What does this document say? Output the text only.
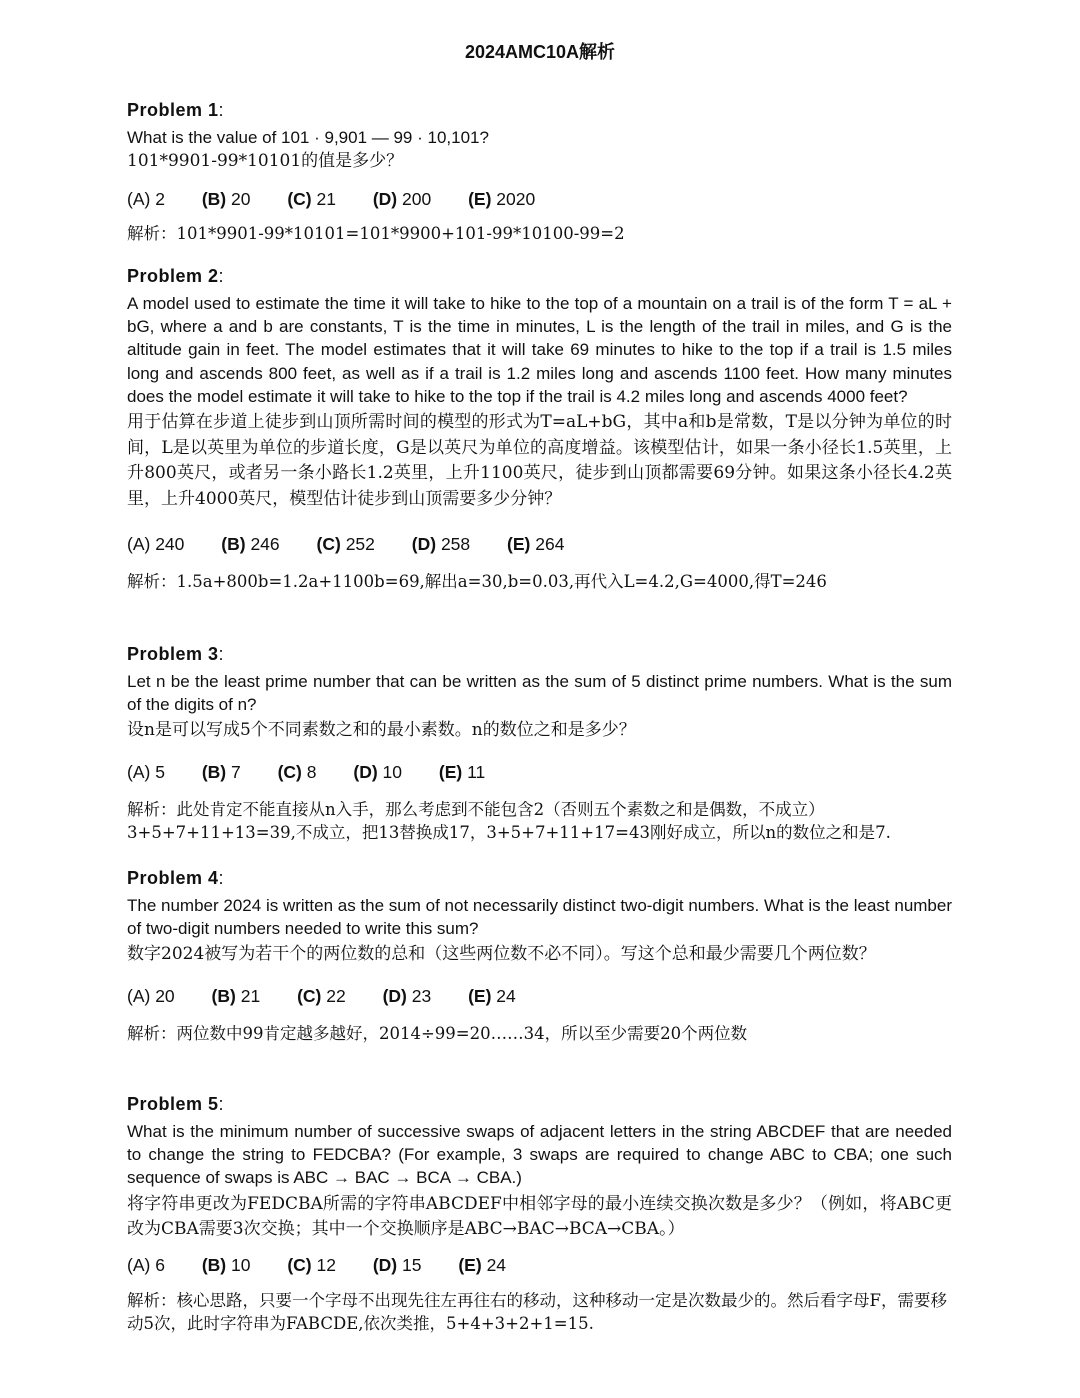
2024AMC10A解析
Problem 1:

What is the value of 101 · 9,901 — 99 · 10,101?

101*9901-99*10101的值是多少？

(A) 2 (B) 20 (C) 21 (D) 200 (E) 2020

解析：101*9901-99*10101=101*9900+101-99*10100-99=2

Problem 2:

A model used to estimate the time it will take to hike to the top of a mountain on a trail is of the form T = aL + bG, where a and b are constants, T is the time in minutes, L is the length of the trail in miles, and G is the altitude gain in feet. The model estimates that it will take 69 minutes to hike to the top if a trail is 1.5 miles long and ascends 800 feet, as well as if a trail is 1.2 miles long and ascends 1100 feet. How many minutes does the model estimate it will take to hike to the top if the trail is 4.2 miles long and ascends 4000 feet?

用于估算在步道上徒步到山顶所需时间的模型的形式为T=aL+bG，其中a和b是常数，T是以分钟为单位的时间，L是以英里为单位的步道长度，G是以英尺为单位的高度增益。该模型估计，如果一条小径长1.5英里，上升800英尺，或者另一条小路长1.2英里，上升1100英尺，徒步到山顶都需要69分钟。如果这条小径长4.2英里，上升4000英尺，模型估计徒步到山顶需要多少分钟？

(A) 240 (B) 246 (C) 252 (D) 258 (E) 264

解析：1.5a+800b=1.2a+1100b=69,解出a=30,b=0.03,再代入L=4.2,G=4000,得T=246

Problem 3:

Let n be the least prime number that can be written as the sum of 5 distinct prime numbers. What is the sum of the digits of n?

设n是可以写成5个不同素数之和的最小素数。n的数位之和是多少？

(A) 5 (B) 7 (C) 8 (D) 10 (E) 11

解析：此处肯定不能直接从n入手，那么考虑到不能包含2（否则五个素数之和是偶数，不成立）3+5+7+11+13=39,不成立，把13替换成17，3+5+7+11+17=43刚好成立，所以n的数位之和是7.

Problem 4:

The number 2024 is written as the sum of not necessarily distinct two-digit numbers. What is the least number of two-digit numbers needed to write this sum?

数字2024被写为若干个的两位数的总和（这些两位数不必不同）。写这个总和最少需要几个两位数？

(A) 20 (B) 21 (C) 22 (D) 23 (E) 24

解析：两位数中99肯定越多越好，2014÷99=20……34，所以至少需要20个两位数

Problem 5:

What is the minimum number of successive swaps of adjacent letters in the string ABCDEF that are needed to change the string to FEDCBA? (For example, 3 swaps are required to change ABC to CBA; one such sequence of swaps is ABC → BAC → BCA → CBA.)

将字符串更改为FEDCBA所需的字符串ABCDEF中相邻字母的最小连续交换次数是多少？（例如，将ABC更改为CBA需要3次交换；其中一个交换顺序是ABC→BAC→BCA→CBA。）

(A) 6 (B) 10 (C) 12 (D) 15 (E) 24

解析：核心思路，只要一个字母不出现先往左再往右的移动，这种移动一定是次数最少的。然后看字母F，需要移动5次，此时字符串为FABCDE,依次类推，5+4+3+2+1=15.
